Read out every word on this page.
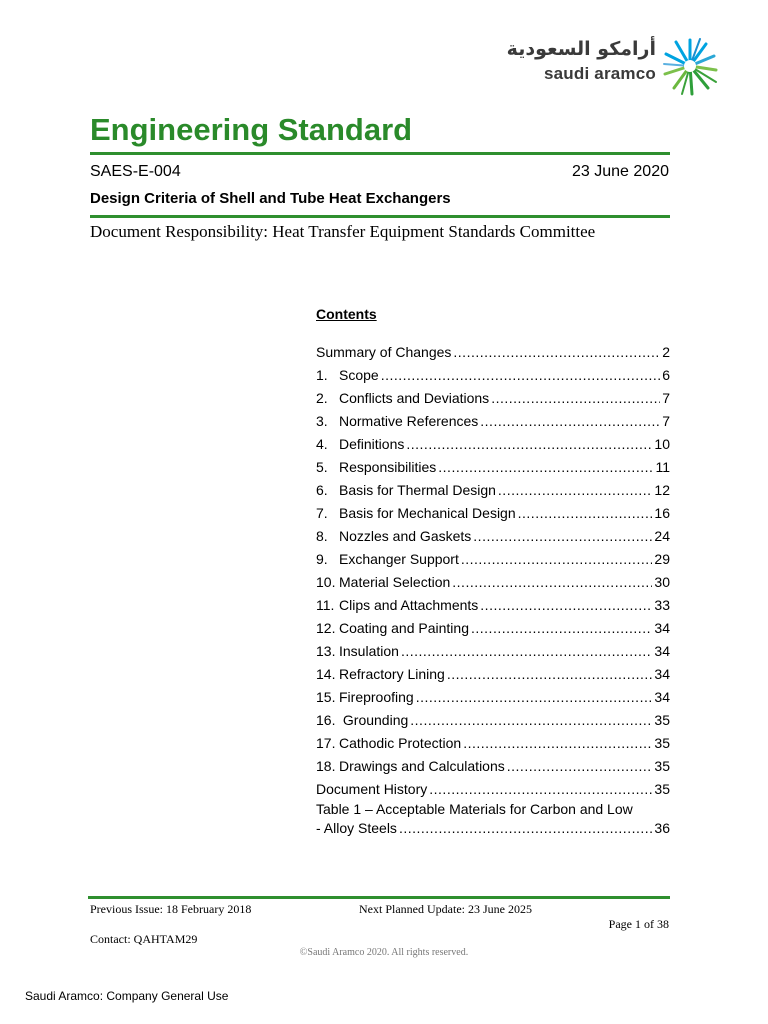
أرامكو السعودية
saudi aramco
Engineering Standard
SAES-E-004	23 June 2020
Design Criteria of Shell and Tube Heat Exchangers
Document Responsibility: Heat Transfer Equipment Standards Committee
Contents
Summary of Changes .....	2
1. Scope .....	6
2. Conflicts and Deviations .....	7
3. Normative References .....	7
4. Definitions .....	10
5. Responsibilities .....	11
6. Basis for Thermal Design .....	12
7. Basis for Mechanical Design .....	16
8. Nozzles and Gaskets .....	24
9. Exchanger Support .....	29
10. Material Selection .....	30
11. Clips and Attachments .....	33
12. Coating and Painting .....	34
13. Insulation .....	34
14. Refractory Lining .....	34
15. Fireproofing .....	34
16. Grounding .....	35
17. Cathodic Protection .....	35
18. Drawings and Calculations .....	35
Document History .....	35
Table 1 – Acceptable Materials for Carbon and Low
- Alloy Steels .....	36
Previous Issue: 18 February 2018	Next Planned Update: 23 June 2025
Page 1 of 38
Contact: QAHTAM29
©Saudi Aramco 2020. All rights reserved.
Saudi Aramco: Company General Use
